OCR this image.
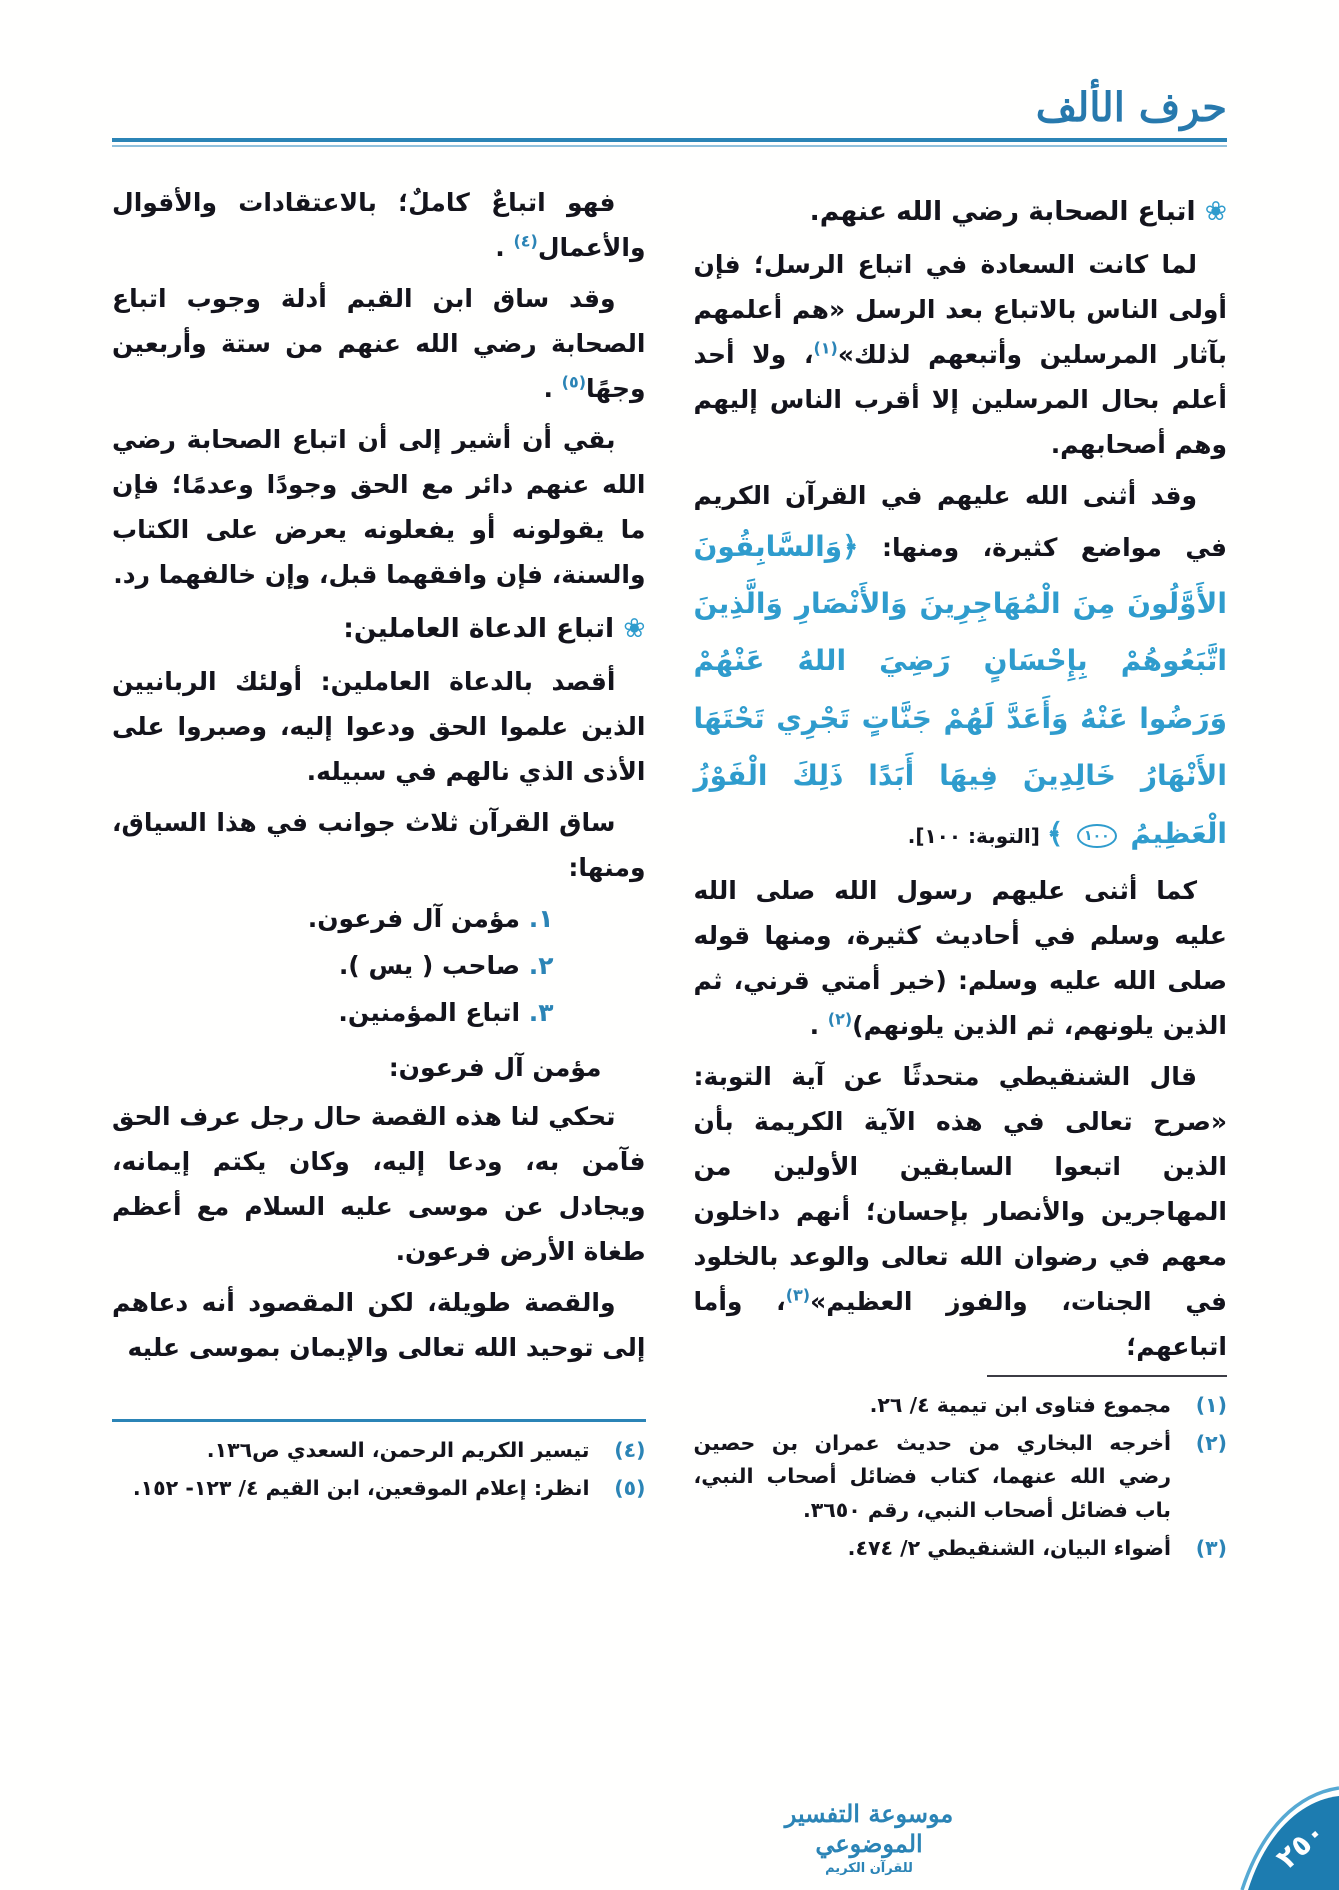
حرف الألف

❀ اتباع الصحابة رضي الله عنهم.

لما كانت السعادة في اتباع الرسل؛ فإن أولى الناس بالاتباع بعد الرسل «هم أعلمهم بآثار المرسلين وأتبعهم لذلك»$^{(١)}$، ولا أحد أعلم بحال المرسلين إلا أقرب الناس إليهم وهم أصحابهم.

وقد أثنى الله عليهم في القرآن الكريم في مواضع كثيرة، ومنها: ﴿وَالسَّابِقُونَ الأَوَّلُونَ مِنَ الْمُهَاجِرِينَ وَالأَنْصَارِ وَالَّذِينَ اتَّبَعُوهُمْ بِإِحْسَانٍ رَضِيَ اللهُ عَنْهُمْ وَرَضُوا عَنْهُ وَأَعَدَّ لَهُمْ جَنَّاتٍ تَجْرِي تَحْتَهَا الأَنْهَارُ خَالِدِينَ فِيهَا أَبَدًا ذَلِكَ الْفَوْزُ الْعَظِيمُ ١٠٠ ﴾ [التوبة: ١٠٠].

كما أثنى عليهم رسول الله صلى الله عليه وسلم في أحاديث كثيرة، ومنها قوله صلى الله عليه وسلم: (خير أمتي قرني، ثم الذين يلونهم، ثم الذين يلونهم)$^{(٢)}$ .

قال الشنقيطي متحدثًا عن آية التوبة: «صرح تعالى في هذه الآية الكريمة بأن الذين اتبعوا السابقين الأولين من المهاجرين والأنصار بإحسان؛ أنهم داخلون معهم في رضوان الله تعالى والوعد بالخلود في الجنات، والفوز العظيم»$^{(٣)}$، وأما اتباعهم؛

(١)
مجموع فتاوى ابن تيمية ٤/ ٢٦.
(٢)
أخرجه البخاري من حديث عمران بن حصين رضي الله عنهما، كتاب فضائل أصحاب النبي، باب فضائل أصحاب النبي، رقم ٣٦٥٠.
(٣)
أضواء البيان، الشنقيطي ٢/ ٤٧٤.

فهو اتباعٌ كاملٌ؛ بالاعتقادات والأقوال والأعمال$^{(٤)}$ .

وقد ساق ابن القيم أدلة وجوب اتباع الصحابة رضي الله عنهم من ستة وأربعين وجهًا$^{(٥)}$ .

بقي أن أشير إلى أن اتباع الصحابة رضي الله عنهم دائر مع الحق وجودًا وعدمًا؛ فإن ما يقولونه أو يفعلونه يعرض على الكتاب والسنة، فإن وافقهما قبل، وإن خالفهما رد.

❀ اتباع الدعاة العاملين:

أقصد بالدعاة العاملين: أولئك الربانيين الذين علموا الحق ودعوا إليه، وصبروا على الأذى الذي نالهم في سبيله.

ساق القرآن ثلاث جوانب في هذا السياق، ومنها:

١. مؤمن آل فرعون.

٢. صاحب ( يس ).

٣. اتباع المؤمنين.

مؤمن آل فرعون:

تحكي لنا هذه القصة حال رجل عرف الحق فآمن به، ودعا إليه، وكان يكتم إيمانه، ويجادل عن موسى عليه السلام مع أعظم طغاة الأرض فرعون.

والقصة طويلة، لكن المقصود أنه دعاهم إلى توحيد الله تعالى والإيمان بموسى عليه

(٤)
تيسير الكريم الرحمن، السعدي ص١٣٦.
(٥)
انظر: إعلام الموقعين، ابن القيم ٤/ ١٢٣- ١٥٢.
موسوعة التفسير الموضوعي
للقرآن الكريم	٢٥٠
